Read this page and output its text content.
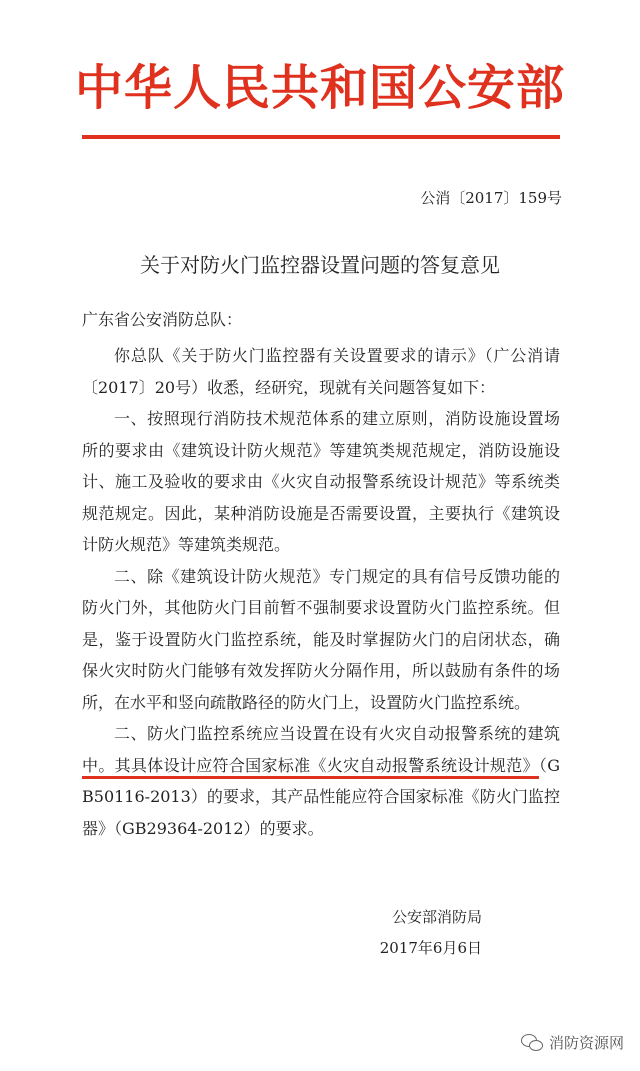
中华人民共和国公安部
公消〔2017〕159号
关于对防火门监控器设置问题的答复意见
广东省公安消防总队：

你总队《关于防火门监控器有关设置要求的请示》（广公消请〔2017〕20号）收悉，经研究，现就有关问题答复如下：

一、按照现行消防技术规范体系的建立原则，消防设施设置场所的要求由《建筑设计防火规范》等建筑类规范规定，消防设施设计、施工及验收的要求由《火灾自动报警系统设计规范》等系统类规范规定。因此，某种消防设施是否需要设置，主要执行《建筑设计防火规范》等建筑类规范。

二、除《建筑设计防火规范》专门规定的具有信号反馈功能的防火门外，其他防火门目前暂不强制要求设置防火门监控系统。但是，鉴于设置防火门监控系统，能及时掌握防火门的启闭状态，确保火灾时防火门能够有效发挥防火分隔作用，所以鼓励有条件的场所，在水平和竖向疏散路径的防火门上，设置防火门监控系统。

二、防火门监控系统应当设置在设有火灾自动报警系统的建筑中。其具体设计应符合国家标准《火灾自动报警系统设计规范》（GB50116-2013）的要求，其产品性能应符合国家标准《防火门监控器》（GB29364-2012）的要求。

公安部消防局
2017年6月6日
消防资源网
